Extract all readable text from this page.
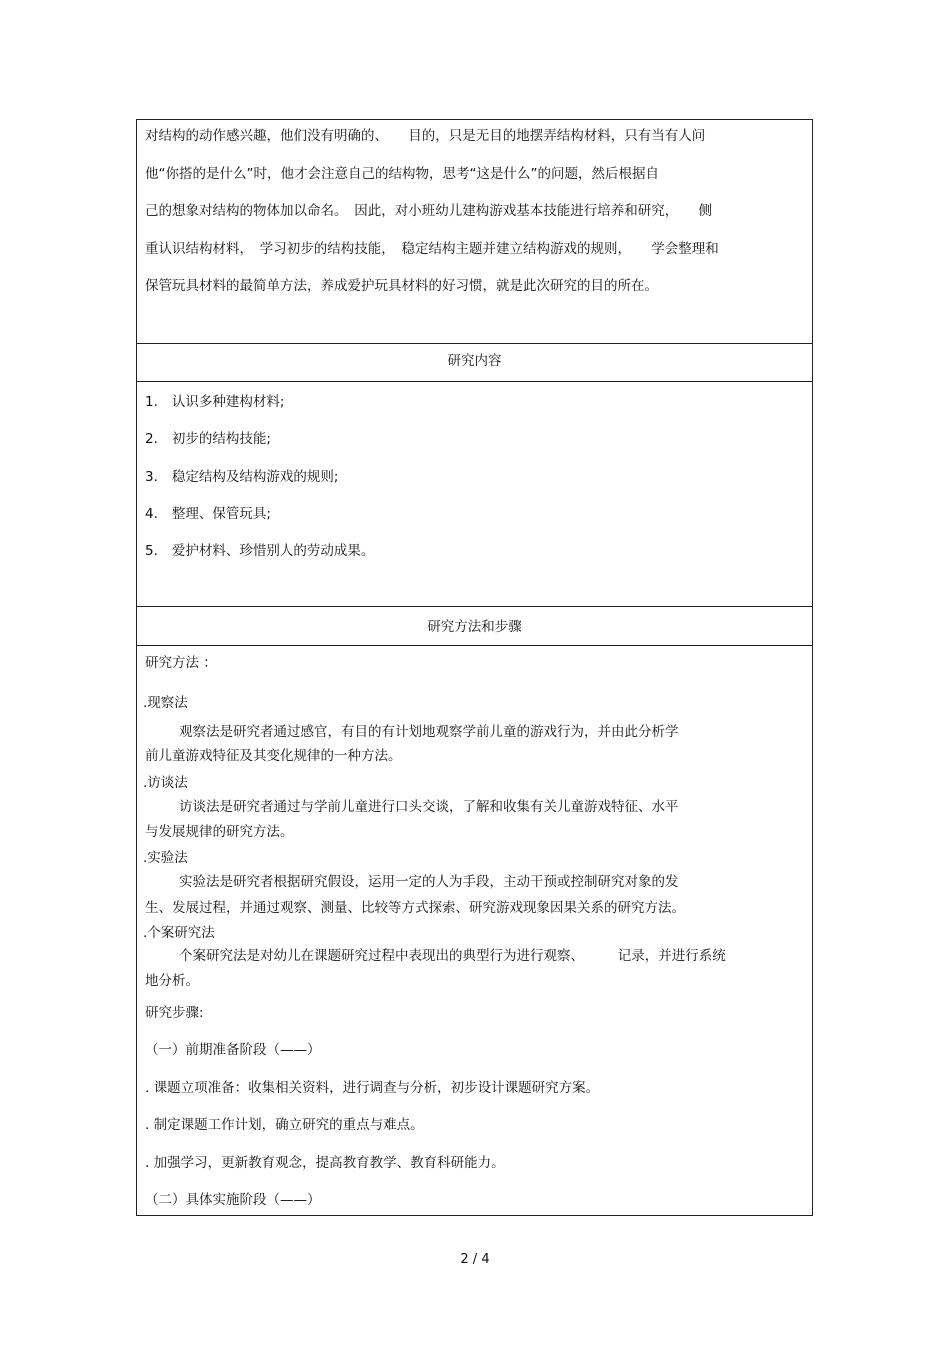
对结构的动作感兴趣，他们没有明确的、　　目的，只是无目的地摆弄结构材料，只有当有人问
他“你搭的是什么”时，他才会注意自己的结构物，思考“这是什么”的问题，然后根据自
己的想象对结构的物体加以命名。　因此，对小班幼儿建构游戏基本技能进行培养和研究，　　侧
重认识结构材料，　学习初步的结构技能，　稳定结构主题并建立结构游戏的规则，　　学会整理和
保管玩具材料的最简单方法，养成爱护玩具材料的好习惯，就是此次研究的目的所在。
研究内容
1. 认识多种建构材料;
2. 初步的结构技能;
3. 稳定结构及结构游戏的规则;
4. 整理、保管玩具;
5. 爱护材料、珍惜别人的劳动成果。
研究方法和步骤
研究方法 ：
.现察法
观察法是研究者通过感官，有目的有计划地观察学前儿童的游戏行为，并由此分析学
前儿童游戏特征及其变化规律的一种方法。
.访谈法
访谈法是研究者通过与学前儿童进行口头交谈，了解和收集有关儿童游戏特征、水平
与发展规律的研究方法。
.实验法
实验法是研究者根据研究假设，运用一定的人为手段，主动干预或控制研究对象的发
生、发展过程，并通过观察、测量、比较等方式探索、研究游戏现象因果关系的研究方法。
.个案研究法
个案研究法是对幼儿在课题研究过程中表现出的典型行为进行观察、　　　记录，并进行系统
地分析。
研究步骤:
（一）前期准备阶段（——）
. 课题立项准备：收集相关资料，进行调查与分析，初步设计课题研究方案。
. 制定课题工作计划，确立研究的重点与难点。
. 加强学习，更新教育观念，提高教育教学、教育科研能力。
（二）具体实施阶段（——）
2 / 4
